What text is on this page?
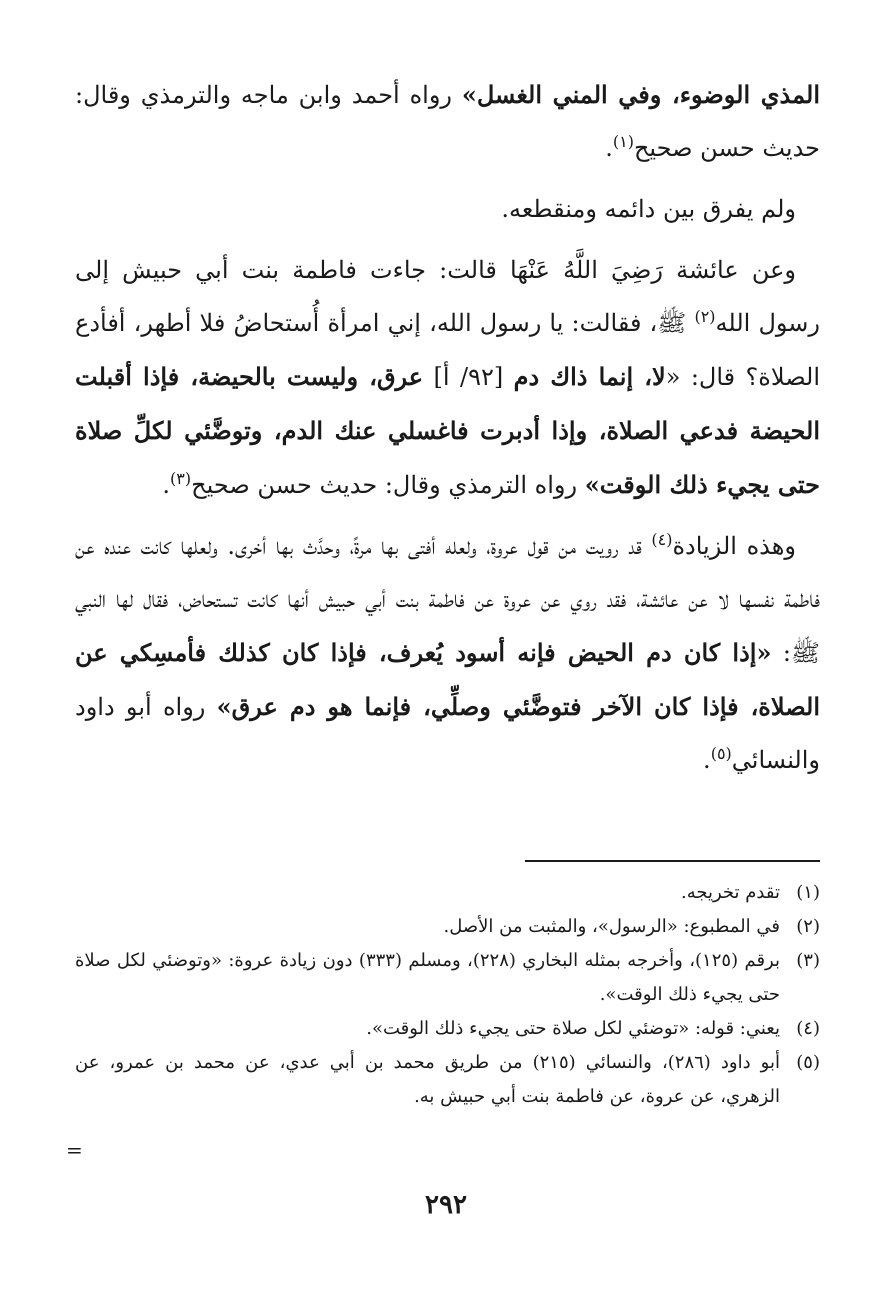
المذي الوضوء، وفي المني الغسل» رواه أحمد وابن ماجه والترمذي وقال: حديث حسن صحيح$^{(١)}$.

ولم يفرق بين دائمه ومنقطعه.

وعن عائشة رَضِيَ اللَّهُ عَنْهَا قالت: جاءت فاطمة بنت أبي حبيش إلى رسول الله$^{(٢)}$ ﷺ، فقالت: يا رسول الله، إني امرأة أُستحاضُ فلا أطهر، أفأدع الصلاة؟ قال: «لا، إنما ذاك دم [٩٢/ أ] عرق، وليست بالحيضة، فإذا أقبلت الحيضة فدعي الصلاة، وإذا أدبرت فاغسلي عنك الدم، وتوضَّئي لكلِّ صلاة حتى يجيء ذلك الوقت» رواه الترمذي وقال: حديث حسن صحيح$^{(٣)}$.

وهذه الزيادة$^{(٤)}$ قد رويت من قول عروة، ولعله أفتى بها مرةً، وحدَّث بها أخرى. ولعلها كانت عنده عن فاطمة نفسها لا عن عائشة، فقد روي عن عروة عن فاطمة بنت أبي حبيش أنها كانت تستحاض، فقال لها النبي ﷺ: «إذا كان دم الحيض فإنه أسود يُعرف، فإذا كان كذلك فأمسِكي عن الصلاة، فإذا كان الآخر فتوضَّئي وصلِّي، فإنما هو دم عرق» رواه أبو داود والنسائي$^{(٥)}$.

(١)
تقدم تخريجه.
(٢)
في المطبوع: «الرسول»، والمثبت من الأصل.
(٣)
برقم (١٢٥)، وأخرجه بمثله البخاري (٢٢٨)، ومسلم (٣٣٣) دون زيادة عروة: «وتوضئي لكل صلاة حتى يجيء ذلك الوقت».
(٤)
يعني: قوله: «توضئي لكل صلاة حتى يجيء ذلك الوقت».
(٥)
أبو داود (٢٨٦)، والنسائي (٢١٥) من طريق محمد بن أبي عدي، عن محمد بن عمرو، عن الزهري، عن عروة، عن فاطمة بنت أبي حبيش به.
=
٢٩٢
